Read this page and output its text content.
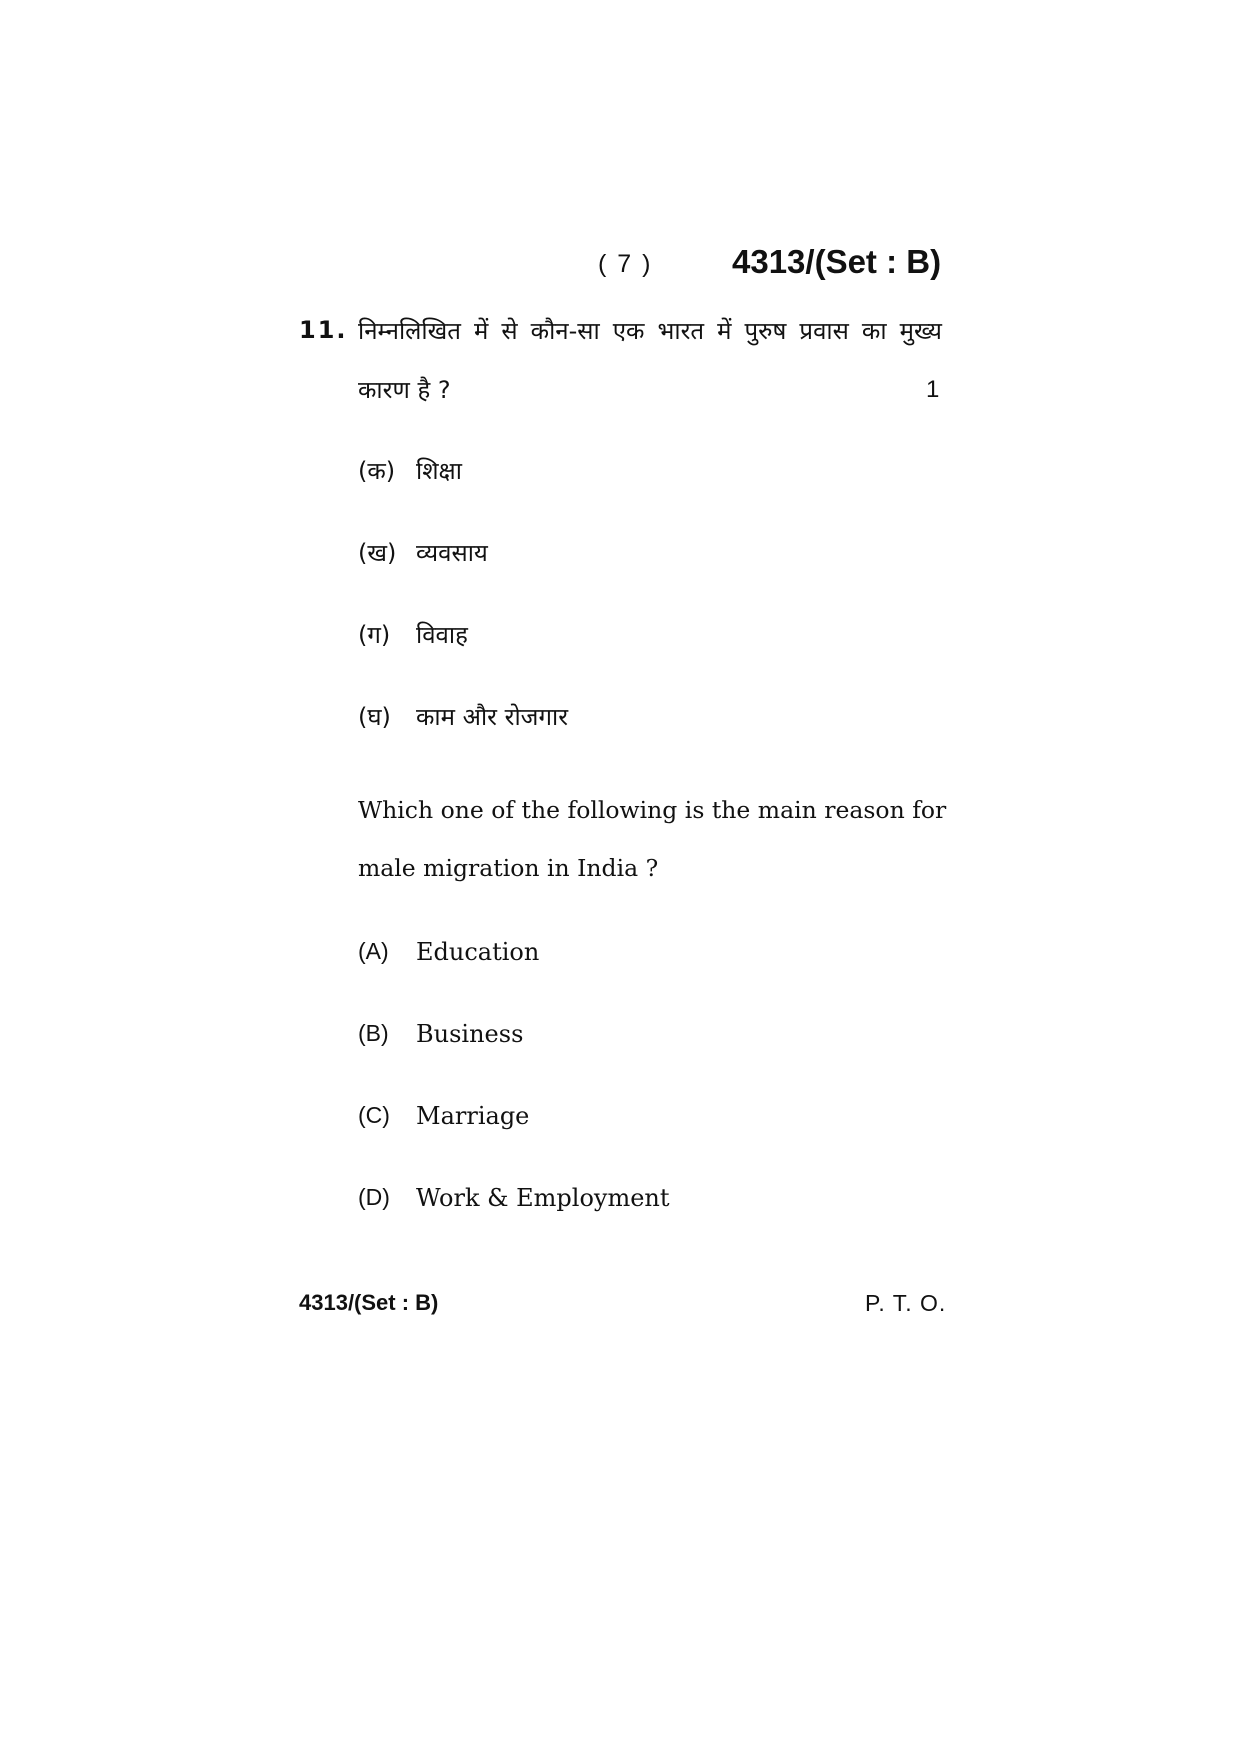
( 7 ) 4313/(Set : B)
11. निम्नलिखित में से कौन-सा एक भारत में पुरुष प्रवास का मुख्य
कारण है ?	1
(क) शिक्षा
(ख) व्यवसाय
(ग)	विवाह
(घ)	काम और रोजगार
Which one of the following is the main reason for
male migration in India ?
(A)	Education
(B)	Business
(C)	Marriage
(D)	Work & Employment
4313/(Set : B)	P. T. O.
